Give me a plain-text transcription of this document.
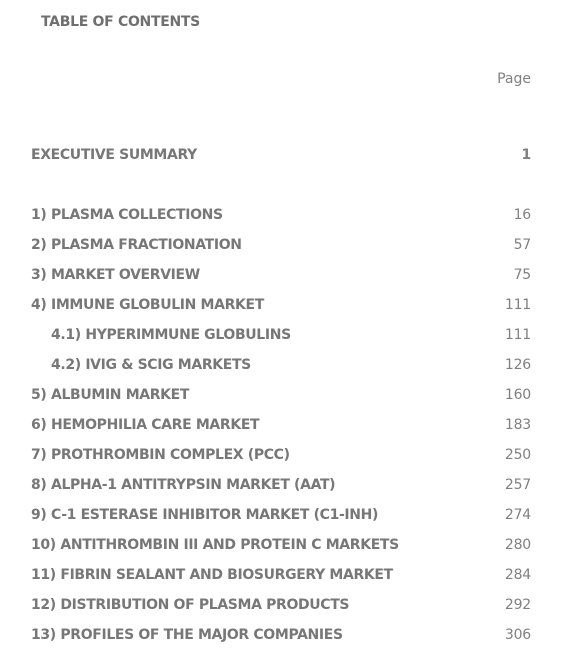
TABLE OF CONTENTS
Page
EXECUTIVE SUMMARY	1
1) PLASMA COLLECTIONS	16
2) PLASMA FRACTIONATION	57
3) MARKET OVERVIEW	75
4) IMMUNE GLOBULIN MARKET	111
4.1) HYPERIMMUNE GLOBULINS	111
4.2) IVIG & SCIG MARKETS	126
5) ALBUMIN MARKET	160
6) HEMOPHILIA CARE MARKET	183
7) PROTHROMBIN COMPLEX (PCC)	250
8) ALPHA-1 ANTITRYPSIN MARKET (AAT)	257
9) C-1 ESTERASE INHIBITOR MARKET (C1-INH)	274
10) ANTITHROMBIN III AND PROTEIN C MARKETS	280
11) FIBRIN SEALANT AND BIOSURGERY MARKET	284
12) DISTRIBUTION OF PLASMA PRODUCTS	292
13) PROFILES OF THE MAJOR COMPANIES	306
